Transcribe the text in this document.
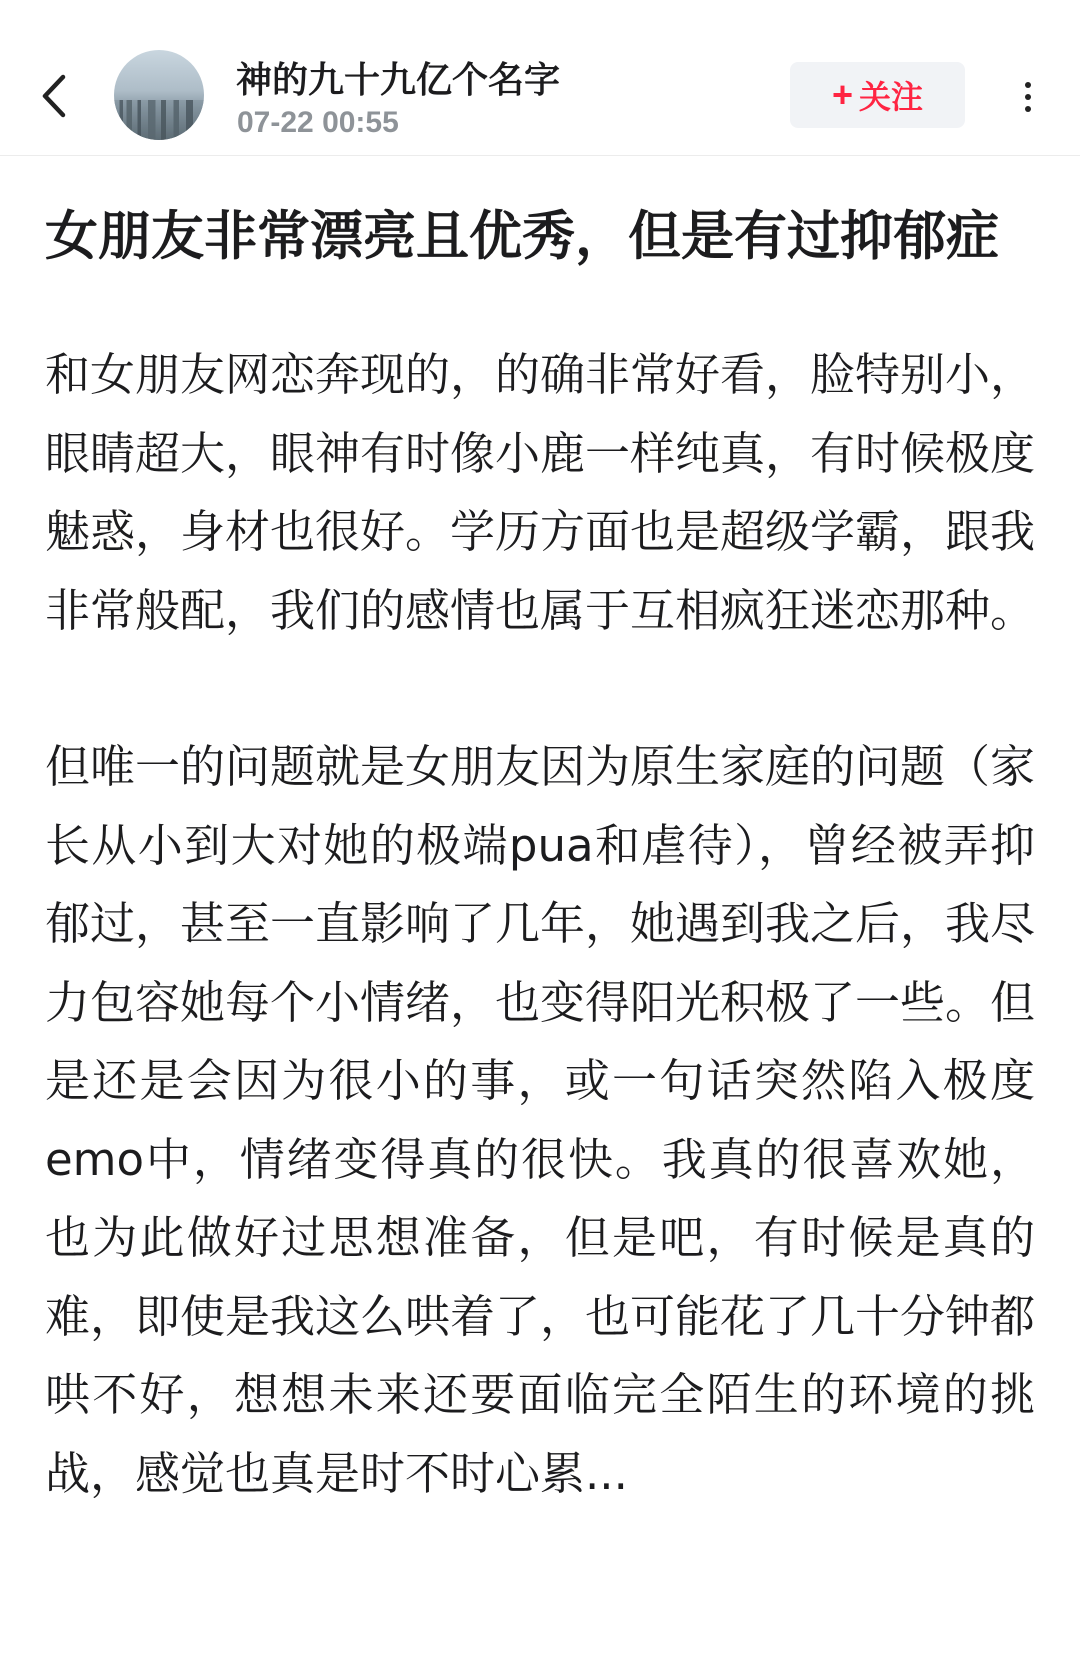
神的九十九亿个名字
07-22 00:55
+ 关注
女朋友非常漂亮且优秀，但是有过抑郁症

和女朋友网恋奔现的，的确非常好看，脸特别小，眼睛超大，眼神有时像小鹿一样纯真，有时候极度魅惑，身材也很好。学历方面也是超级学霸，跟我非常般配，我们的感情也属于互相疯狂迷恋那种。

但唯一的问题就是女朋友因为原生家庭的问题（家长从小到大对她的极端pua和虐待），曾经被弄抑郁过，甚至一直影响了几年，她遇到我之后，我尽力包容她每个小情绪，也变得阳光积极了一些。但是还是会因为很小的事，或一句话突然陷入极度emo中，情绪变得真的很快。我真的很喜欢她，也为此做好过思想准备，但是吧，有时候是真的难，即使是我这么哄着了，也可能花了几十分钟都哄不好，想想未来还要面临完全陌生的环境的挑战，感觉也真是时不时心累...
